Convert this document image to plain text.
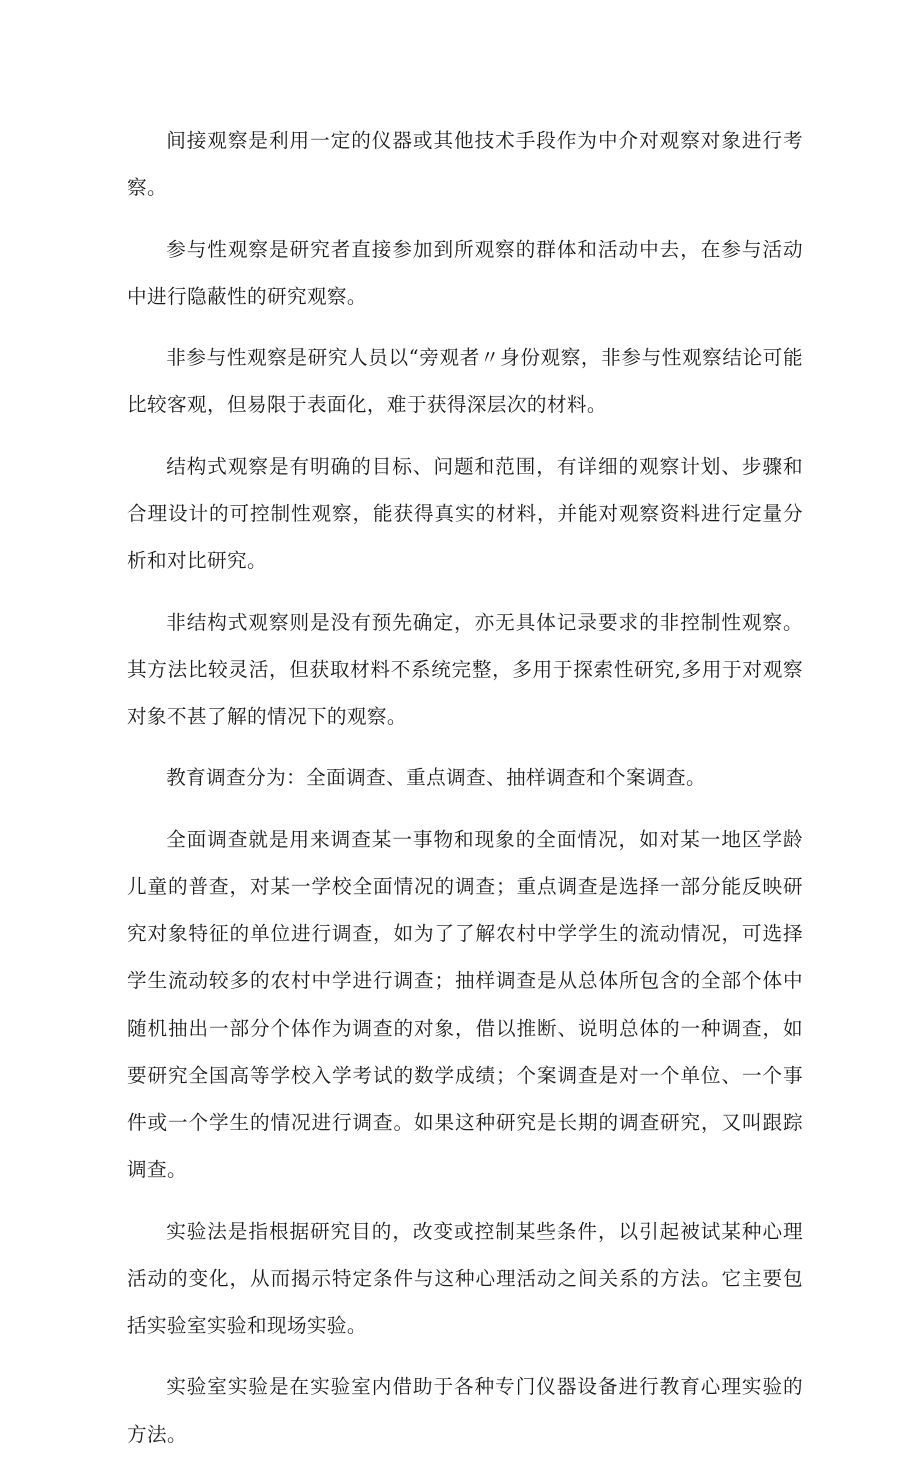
间接观察是利用一定的仪器或其他技术手段作为中介对观察对象进行考察。

参与性观察是研究者直接参加到所观察的群体和活动中去，在参与活动中进行隐蔽性的研究观察。

非参与性观察是研究人员以“旁观者〃身份观察，非参与性观察结论可能比较客观，但易限于表面化，难于获得深层次的材料。

结构式观察是有明确的目标、问题和范围，有详细的观察计划、步骤和合理设计的可控制性观察，能获得真实的材料，并能对观察资料进行定量分析和对比研究。

非结构式观察则是没有预先确定，亦无具体记录要求的非控制性观察。其方法比较灵活，但获取材料不系统完整，多用于探索性研究,多用于对观察对象不甚了解的情况下的观察。

教育调查分为：全面调查、重点调查、抽样调查和个案调查。

全面调查就是用来调查某一事物和现象的全面情况，如对某一地区学龄儿童的普查，对某一学校全面情况的调查；重点调查是选择一部分能反映研究对象特征的单位进行调查，如为了了解农村中学学生的流动情况，可选择学生流动较多的农村中学进行调查；抽样调查是从总体所包含的全部个体中随机抽出一部分个体作为调查的对象，借以推断、说明总体的一种调查，如要研究全国高等学校入学考试的数学成绩；个案调查是对一个单位、一个事件或一个学生的情况进行调查。如果这种研究是长期的调查研究，又叫跟踪调查。

实验法是指根据研究目的，改变或控制某些条件，以引起被试某种心理活动的变化，从而揭示特定条件与这种心理活动之间关系的方法。它主要包括实验室实验和现场实验。

实验室实验是在实验室内借助于各种专门仪器设备进行教育心理实验的方法。
